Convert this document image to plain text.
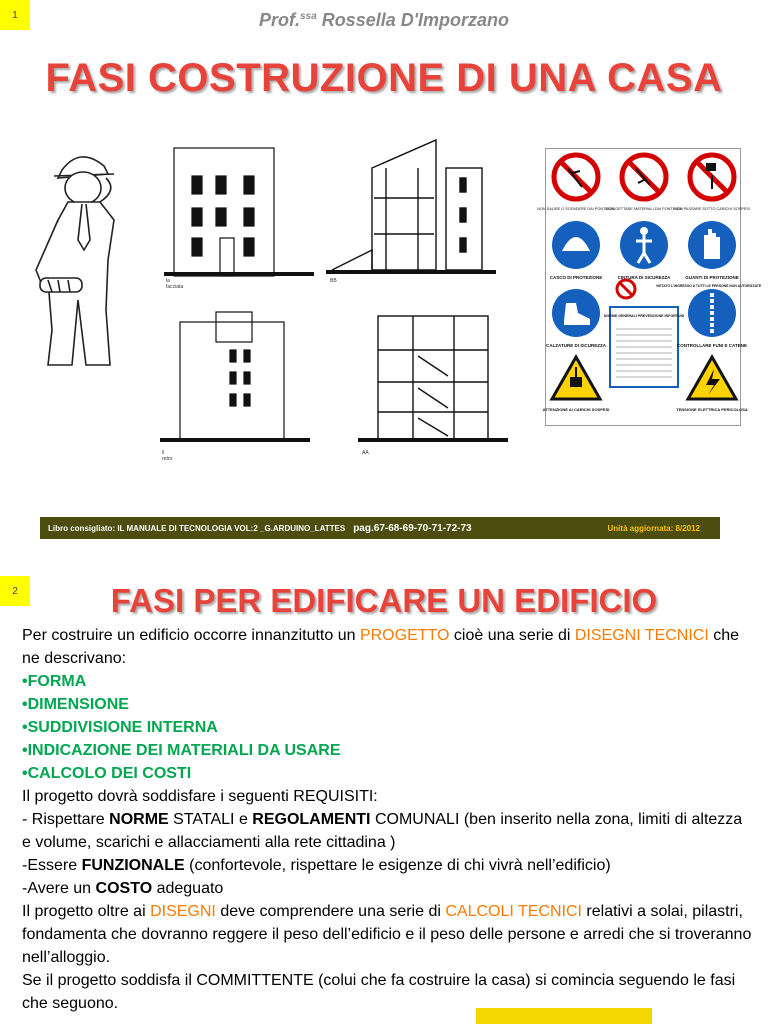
1	Prof.$^{ssa}$ Rossella D'Imporzano
FASI COSTRUZIONE DI UNA CASA
la facciata
BB
il retro
AA
NON SALIRE O SCENDERE DAI PONTEGGI
NON GETTARE MATERIALI DAI PONTEGGI
NON PASSARE SOTTO CARICHI SOSPESI
CASCO DI PROTEZIONE	CINTURA DI SICUREZZA	GUANTI DI PROTEZIONE
VIETATO L'INGRESSO A TUTTI LE PERSONE NON AUTORIZZATE
NORME GENERALI PREVENZIONE INFORTUNI
CALZATURE DI SICUREZZA	CONTROLLARE FUNI E CATENE
ATTENZIONE AI CARICHI SOSPESI	TENSIONE ELETTRICA PERICOLOSA
Libro consigliato: IL MANUALE DI TECNOLOGIA VOL:2 _G.ARDUINO_LATTES pag.67-68-69-70-71-72-73	Unità aggiornata: 8/2012
2	FASI PER EDIFICARE UN EDIFICIO

Per costruire un edificio occorre innanzitutto un PROGETTO cioè una serie di DISEGNI TECNICI che ne descrivano:

•FORMA

•DIMENSIONE

•SUDDIVISIONE INTERNA

•INDICAZIONE DEI MATERIALI DA USARE

•CALCOLO DEI COSTI

Il progetto dovrà soddisfare i seguenti REQUISITI:

- Rispettare NORME STATALI e REGOLAMENTI COMUNALI (ben inserito nella zona, limiti di altezza e volume, scarichi e allacciamenti alla rete cittadina )

-Essere FUNZIONALE (confortevole, rispettare le esigenze di chi vivrà nell’edificio)

-Avere un COSTO adeguato

Il progetto oltre ai DISEGNI deve comprendere una serie di CALCOLI TECNICI relativi a solai, pilastri, fondamenta che dovranno reggere il peso dell’edificio e il peso delle persone e arredi che si troveranno nell’alloggio.

Se il progetto soddisfa il COMMITTENTE (colui che fa costruire la casa) si comincia seguendo le fasi che seguono.
